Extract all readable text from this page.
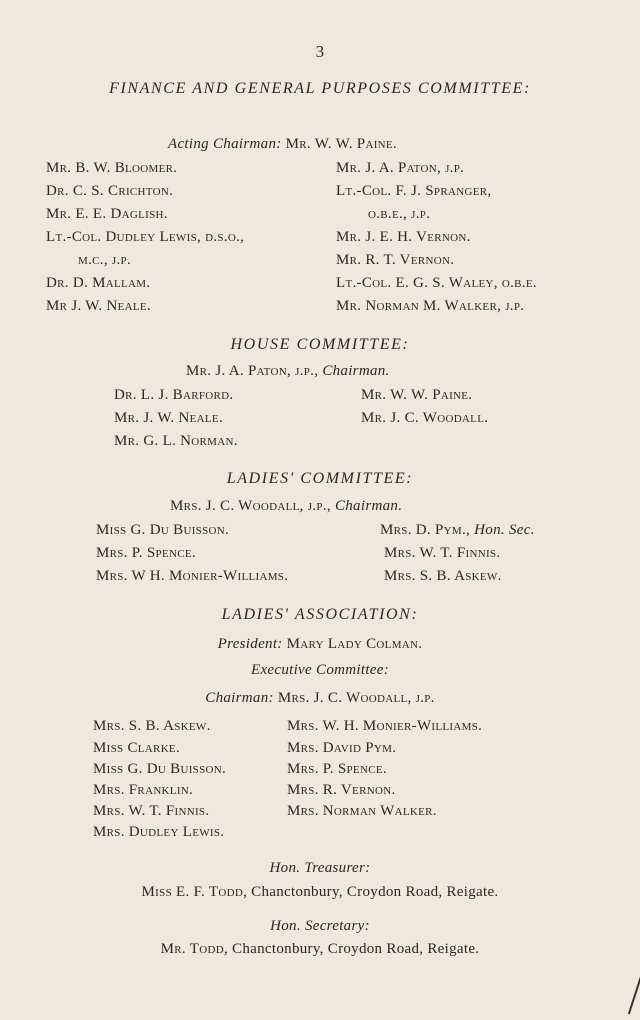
3
FINANCE AND GENERAL PURPOSES COMMITTEE:
Acting Chairman: Mr. W. W. Paine.
Mr. B. W. Bloomer.
Dr. C. S. Crichton.
Mr. E. E. Daglish.
Lt.-Col. Dudley Lewis, d.s.o.,
m.c., j.p.
Dr. D. Mallam.
Mr J. W. Neale.
Mr. J. A. Paton, j.p.
Lt.-Col. F. J. Spranger,
o.b.e., j.p.
Mr. J. E. H. Vernon.
Mr. R. T. Vernon.
Lt.-Col. E. G. S. Waley, o.b.e.
Mr. Norman M. Walker, j.p.
HOUSE COMMITTEE:
Mr. J. A. Paton, j.p., Chairman.
Dr. L. J. Barford.
Mr. J. W. Neale.
Mr. G. L. Norman.
Mr. W. W. Paine.
Mr. J. C. Woodall.
LADIES' COMMITTEE:
Mrs. J. C. Woodall, j.p., Chairman.
Miss G. Du Buisson.
Mrs. P. Spence.
Mrs. W H. Monier-Williams.
Mrs. D. Pym., Hon. Sec.
Mrs. W. T. Finnis.
Mrs. S. B. Askew.
LADIES' ASSOCIATION:
President: Mary Lady Colman.
Executive Committee:
Chairman: Mrs. J. C. Woodall, j.p.
Mrs. S. B. Askew.
Miss Clarke.
Miss G. Du Buisson.
Mrs. Franklin.
Mrs. W. T. Finnis.
Mrs. Dudley Lewis.
Mrs. W. H. Monier-Williams.
Mrs. David Pym.
Mrs. P. Spence.
Mrs. R. Vernon.
Mrs. Norman Walker.
Hon. Treasurer:
Miss E. F. Todd, Chanctonbury, Croydon Road, Reigate.
Hon. Secretary:
Mr. Todd, Chanctonbury, Croydon Road, Reigate.
